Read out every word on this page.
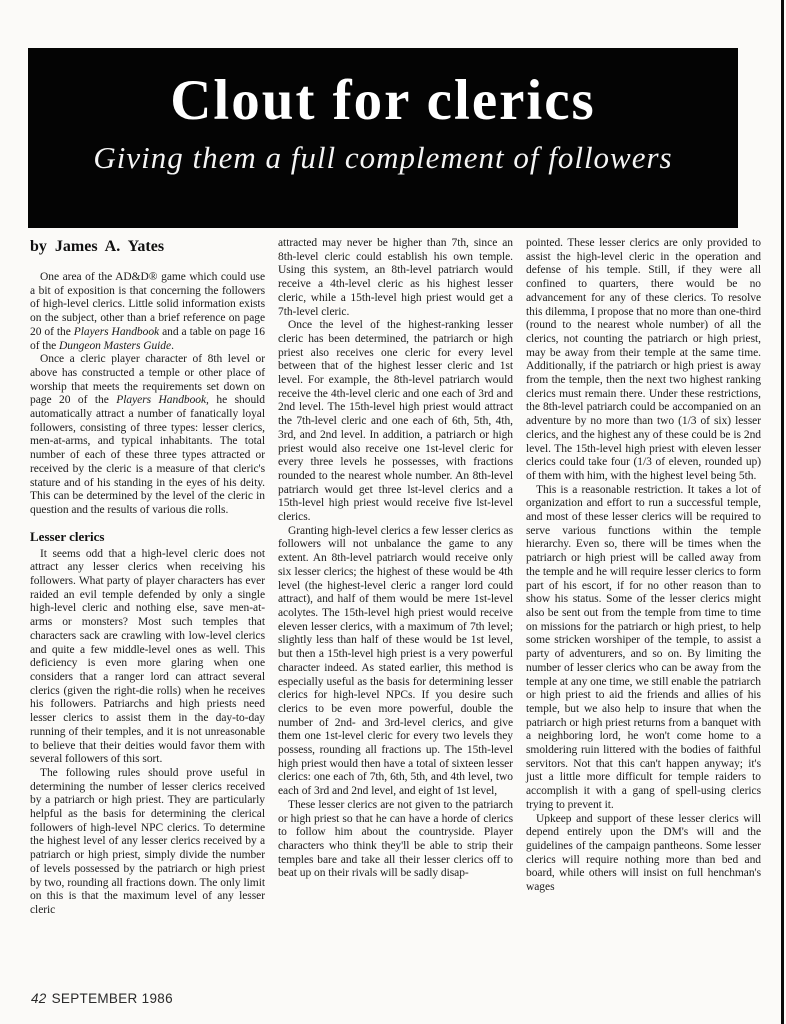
Clout for clerics
Giving them a full complement of followers
by James A. Yates

One area of the AD&D® game which could use a bit of exposition is that concerning the followers of high-level clerics. Little solid information exists on the subject, other than a brief reference on page 20 of the Players Handbook and a table on page 16 of the Dungeon Masters Guide.

Once a cleric player character of 8th level or above has constructed a temple or other place of worship that meets the requirements set down on page 20 of the Players Handbook, he should automatically attract a number of fanatically loyal followers, consisting of three types: lesser clerics, men-at-arms, and typical inhabitants. The total number of each of these three types attracted or received by the cleric is a measure of that cleric's stature and of his standing in the eyes of his deity. This can be determined by the level of the cleric in question and the results of various die rolls.

Lesser clerics

It seems odd that a high-level cleric does not attract any lesser clerics when receiving his followers. What party of player characters has ever raided an evil temple defended by only a single high-level cleric and nothing else, save men-at-arms or monsters? Most such temples that characters sack are crawling with low-level clerics and quite a few middle-level ones as well. This deficiency is even more glaring when one considers that a ranger lord can attract several clerics (given the right-die rolls) when he receives his followers. Patriarchs and high priests need lesser clerics to assist them in the day-to-day running of their temples, and it is not unreasonable to believe that their deities would favor them with several followers of this sort.

The following rules should prove useful in determining the number of lesser clerics received by a patriarch or high priest. They are particularly helpful as the basis for determining the clerical followers of high-level NPC clerics. To determine the highest level of any lesser clerics received by a patriarch or high priest, simply divide the number of levels possessed by the patriarch or high priest by two, rounding all fractions down. The only limit on this is that the maximum level of any lesser cleric

attracted may never be higher than 7th, since an 8th-level cleric could establish his own temple. Using this system, an 8th-level patriarch would receive a 4th-level cleric as his highest lesser cleric, while a 15th-level high priest would get a 7th-level cleric.

Once the level of the highest-ranking lesser cleric has been determined, the patriarch or high priest also receives one cleric for every level between that of the highest lesser cleric and 1st level. For example, the 8th-level patriarch would receive the 4th-level cleric and one each of 3rd and 2nd level. The 15th-level high priest would attract the 7th-level cleric and one each of 6th, 5th, 4th, 3rd, and 2nd level. In addition, a patriarch or high priest would also receive one 1st-level cleric for every three levels he possesses, with fractions rounded to the nearest whole number. An 8th-level patriarch would get three lst-level clerics and a 15th-level high priest would receive five lst-level clerics.

Granting high-level clerics a few lesser clerics as followers will not unbalance the game to any extent. An 8th-level patriarch would receive only six lesser clerics; the highest of these would be 4th level (the highest-level cleric a ranger lord could attract), and half of them would be mere 1st-level acolytes. The 15th-level high priest would receive eleven lesser clerics, with a maximum of 7th level; slightly less than half of these would be 1st level, but then a 15th-level high priest is a very powerful character indeed. As stated earlier, this method is especially useful as the basis for determining lesser clerics for high-level NPCs. If you desire such clerics to be even more powerful, double the number of 2nd- and 3rd-level clerics, and give them one 1st-level cleric for every two levels they possess, rounding all fractions up. The 15th-level high priest would then have a total of sixteen lesser clerics: one each of 7th, 6th, 5th, and 4th level, two each of 3rd and 2nd level, and eight of 1st level,

These lesser clerics are not given to the patriarch or high priest so that he can have a horde of clerics to follow him about the countryside. Player characters who think they'll be able to strip their temples bare and take all their lesser clerics off to beat up on their rivals will be sadly disap-

pointed. These lesser clerics are only provided to assist the high-level cleric in the operation and defense of his temple. Still, if they were all confined to quarters, there would be no advancement for any of these clerics. To resolve this dilemma, I propose that no more than one-third (round to the nearest whole number) of all the clerics, not counting the patriarch or high priest, may be away from their temple at the same time. Additionally, if the patriarch or high priest is away from the temple, then the next two highest ranking clerics must remain there. Under these restrictions, the 8th-level patriarch could be accompanied on an adventure by no more than two (1/3 of six) lesser clerics, and the highest any of these could be is 2nd level. The 15th-level high priest with eleven lesser clerics could take four (1/3 of eleven, rounded up) of them with him, with the highest level being 5th.

This is a reasonable restriction. It takes a lot of organization and effort to run a successful temple, and most of these lesser clerics will be required to serve various functions within the temple hierarchy. Even so, there will be times when the patriarch or high priest will be called away from the temple and he will require lesser clerics to form part of his escort, if for no other reason than to show his status. Some of the lesser clerics might also be sent out from the temple from time to time on missions for the patriarch or high priest, to help some stricken worshiper of the temple, to assist a party of adventurers, and so on. By limiting the number of lesser clerics who can be away from the temple at any one time, we still enable the patriarch or high priest to aid the friends and allies of his temple, but we also help to insure that when the patriarch or high priest returns from a banquet with a neighboring lord, he won't come home to a smoldering ruin littered with the bodies of faithful servitors. Not that this can't happen anyway; it's just a little more difficult for temple raiders to accomplish it with a gang of spell-using clerics trying to prevent it.

Upkeep and support of these lesser clerics will depend entirely upon the DM's will and the guidelines of the campaign pantheons. Some lesser clerics will require nothing more than bed and board, while others will insist on full henchman's wages

42 SEPTEMBER 1986
